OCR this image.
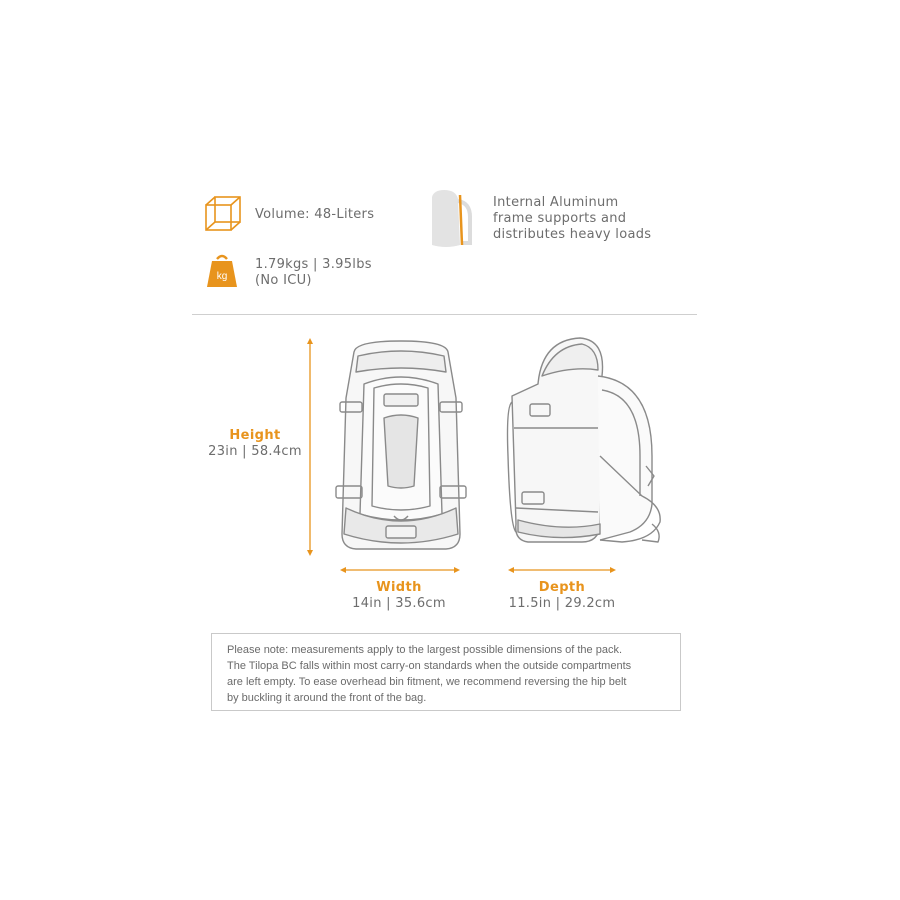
Volume: 48-Liters
kg
1.79kgs | 3.95lbs
(No ICU)
Internal Aluminum
frame supports and
distributes heavy loads
Height
23in | 58.4cm
Width
14in | 35.6cm
Depth
11.5in | 29.2cm

Please note: measurements apply to the largest possible dimensions of the pack.

The Tilopa BC falls within most carry-on standards when the outside compartments

are left empty. To ease overhead bin fitment, we recommend reversing the hip belt

by buckling it around the front of the bag.
